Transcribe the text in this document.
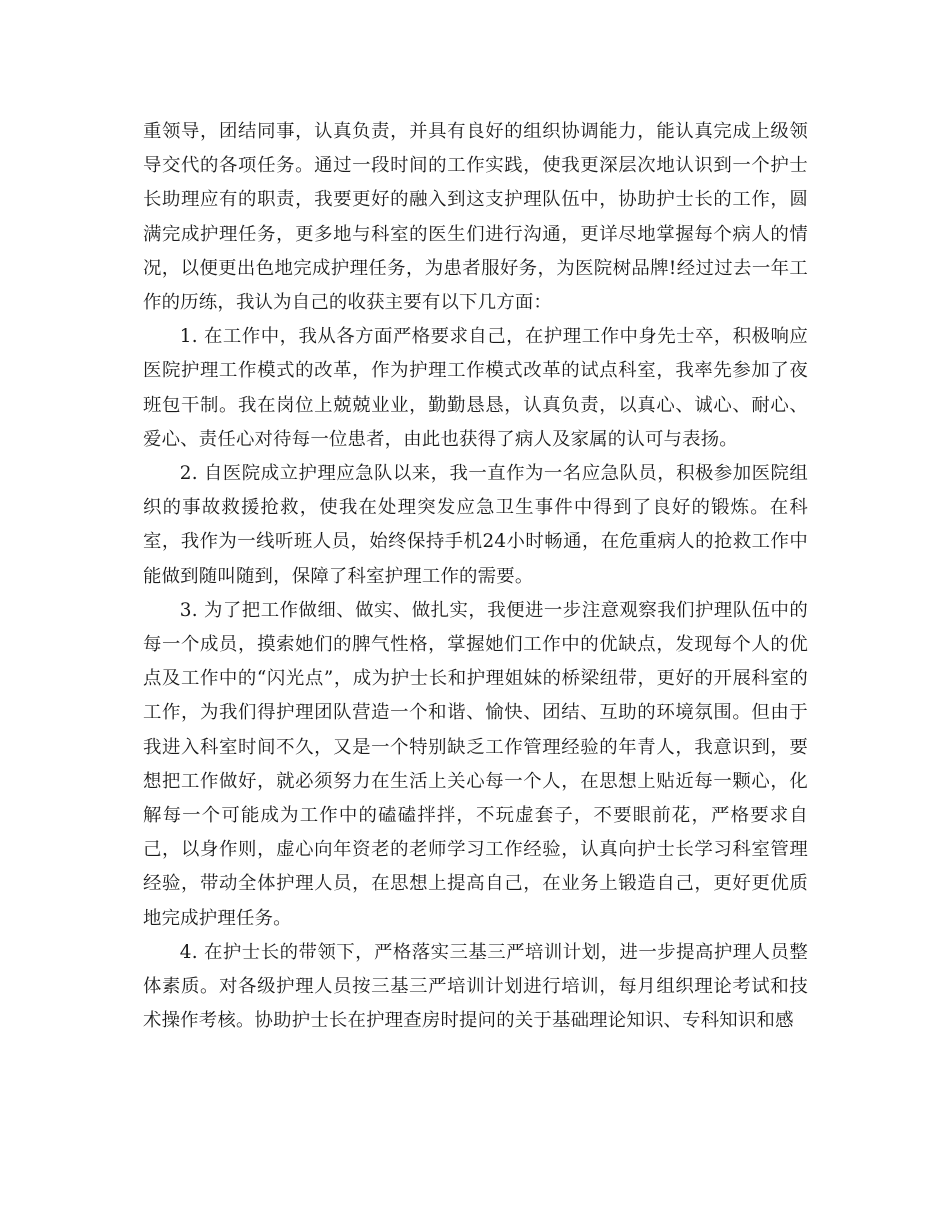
重领导，团结同事，认真负责，并具有良好的组织协调能力，能认真完成上级领导交代的各项任务。通过一段时间的工作实践，使我更深层次地认识到一个护士长助理应有的职责，我要更好的融入到这支护理队伍中，协助护士长的工作，圆满完成护理任务，更多地与科室的医生们进行沟通，更详尽地掌握每个病人的情况，以便更出色地完成护理任务，为患者服好务，为医院树品牌!经过过去一年工作的历练，我认为自己的收获主要有以下几方面：

1. 在工作中，我从各方面严格要求自己，在护理工作中身先士卒，积极响应医院护理工作模式的改革，作为护理工作模式改革的试点科室，我率先参加了夜班包干制。我在岗位上兢兢业业，勤勤恳恳，认真负责，以真心、诚心、耐心、爱心、责任心对待每一位患者，由此也获得了病人及家属的认可与表扬。

2. 自医院成立护理应急队以来，我一直作为一名应急队员，积极参加医院组织的事故救援抢救，使我在处理突发应急卫生事件中得到了良好的锻炼。在科室，我作为一线听班人员，始终保持手机24小时畅通，在危重病人的抢救工作中能做到随叫随到，保障了科室护理工作的需要。

3. 为了把工作做细、做实、做扎实，我便进一步注意观察我们护理队伍中的每一个成员，摸索她们的脾气性格，掌握她们工作中的优缺点，发现每个人的优点及工作中的“闪光点”，成为护士长和护理姐妹的桥梁纽带，更好的开展科室的工作，为我们得护理团队营造一个和谐、愉快、团结、互助的环境氛围。但由于我进入科室时间不久，又是一个特别缺乏工作管理经验的年青人，我意识到，要想把工作做好，就必须努力在生活上关心每一个人，在思想上贴近每一颗心，化解每一个可能成为工作中的磕磕拌拌，不玩虚套子，不要眼前花，严格要求自己，以身作则，虚心向年资老的老师学习工作经验，认真向护士长学习科室管理经验，带动全体护理人员，在思想上提高自己，在业务上锻造自己，更好更优质地完成护理任务。

4. 在护士长的带领下，严格落实三基三严培训计划，进一步提高护理人员整体素质。对各级护理人员按三基三严培训计划进行培训，每月组织理论考试和技术操作考核。协助护士长在护理查房时提问的关于基础理论知识、专科知识和感
